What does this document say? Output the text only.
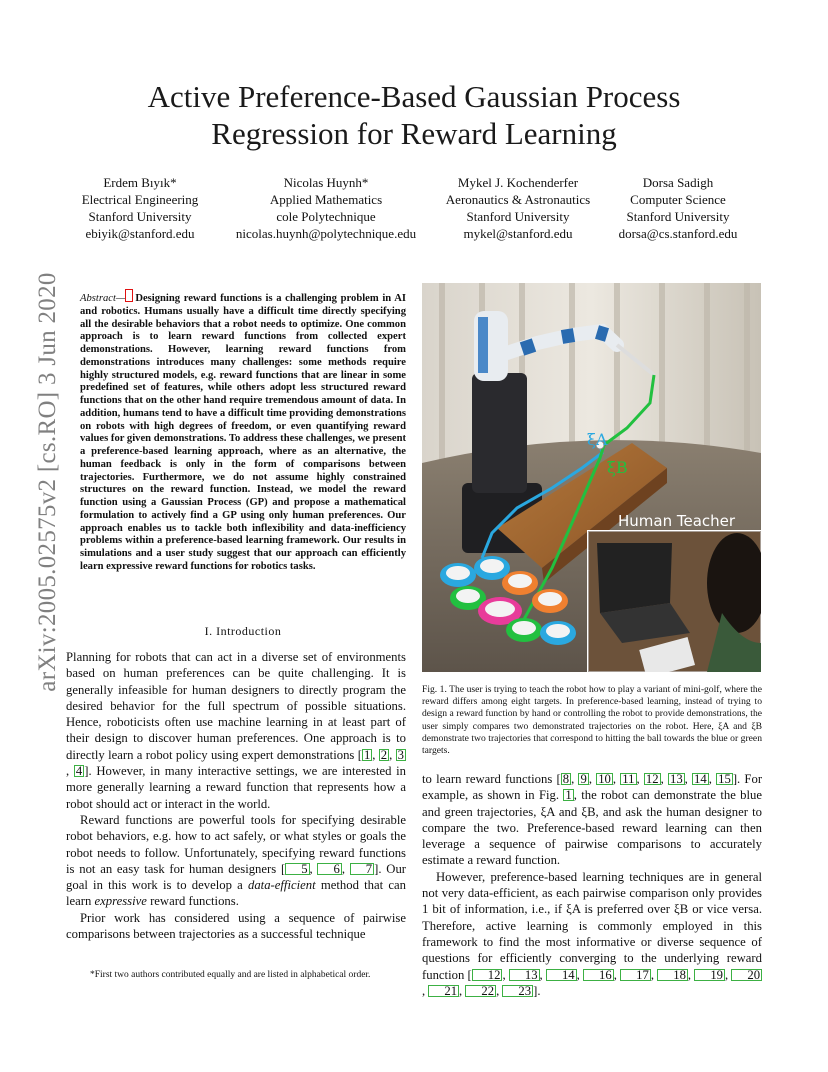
Active Preference-Based Gaussian Process
Regression for Reward Learning
Erdem Bıyık*
Electrical Engineering
Stanford University
ebiyik@stanford.edu
Nicolas Huynh*
Applied Mathematics
cole Polytechnique
nicolas.huynh@polytechnique.edu
Mykel J. Kochenderfer
Aeronautics & Astronautics
Stanford University
mykel@stanford.edu
Dorsa Sadigh
Computer Science
Stanford University
dorsa@cs.stanford.edu
arXiv:2005.02575v2 [cs.RO] 3 Jun 2020 Abstract— Designing reward functions is a challenging problem in AI and robotics. Humans usually have a difficult time directly specifying all the desirable behaviors that a robot needs to optimize. One common approach is to learn reward functions from collected expert demonstrations. However, learning reward functions from demonstrations introduces many challenges: some methods require highly structured models, e.g. reward functions that are linear in some predefined set of features, while others adopt less structured reward functions that on the other hand require tremendous amount of data. In addition, humans tend to have a difficult time providing demonstrations on robots with high degrees of freedom, or even quantifying reward values for given demonstrations. To address these challenges, we present a preference-based learning approach, where as an alternative, the human feedback is only in the form of comparisons between trajectories. Furthermore, we do not assume highly constrained structures on the reward function. Instead, we model the reward function using a Gaussian Process (GP) and propose a mathematical formulation to actively find a GP using only human preferences. Our approach enables us to tackle both inflexibility and data-inefficiency problems within a preference-based learning framework. Our results in simulations and a user study suggest that our approach can efficiently learn expressive reward functions for robotics tasks.
I. Introduction

Planning for robots that can act in a diverse set of environments based on human preferences can be quite challenging. It is generally infeasible for human designers to directly program the desired behavior for the full spectrum of possible situations. Hence, roboticists often use machine learning in at least part of their design to discover human preferences. One approach is to directly learn a robot policy using expert demonstrations [ 1 , 2 , 3, 4 ]. However, in many interactive settings, we are interested in more generally learning a reward function that represents how a robot should act or interact in the world.

Reward functions are powerful tools for specifying desirable robot behaviors, e.g. how to act safely, or what styles or goals the robot needs to follow. Unfortunately, specifying reward functions is not an easy task for human designers [ 5 , 6 , 7 ]. Our goal in this work is to develop a data-efficient method that can learn expressive reward functions.

Prior work has considered using a sequence of pairwise comparisons between trajectories as a successful technique

*First two authors contributed equally and are listed in alphabetical order.
ξA
ξB
Human Teacher
Fig. 1. The user is trying to teach the robot how to play a variant of mini-golf, where the reward differs among eight targets. In preference-based learning, instead of trying to design a reward function by hand or controlling the robot to provide demonstrations, the user simply compares two demonstrated trajectories on the robot. Here, ξA and ξB demonstrate two trajectories that correspond to hitting the ball towards the blue or green targets.

to learn reward functions [ 8 , 9 , 10 , 11 , 12 , 13 , 14 , 15 ]. For example, as shown in Fig. 1 , the robot can demonstrate the blue and green trajectories, ξA and ξB, and ask the human designer to compare the two. Preference-based reward learning can then leverage a sequence of pairwise comparisons to accurately estimate a reward function.

However, preference-based learning techniques are in general not very data-efficient, as each pairwise comparison only provides 1 bit of information, i.e., if ξA is preferred over ξB or vice versa. Therefore, active learning is commonly employed in this framework to find the most informative or diverse sequence of questions for efficiently converging to the underlying reward function [ 12 , 13 , 14 , 16 , 17 , 18 , 19 , 20, 21 , 22 , 23 ].
